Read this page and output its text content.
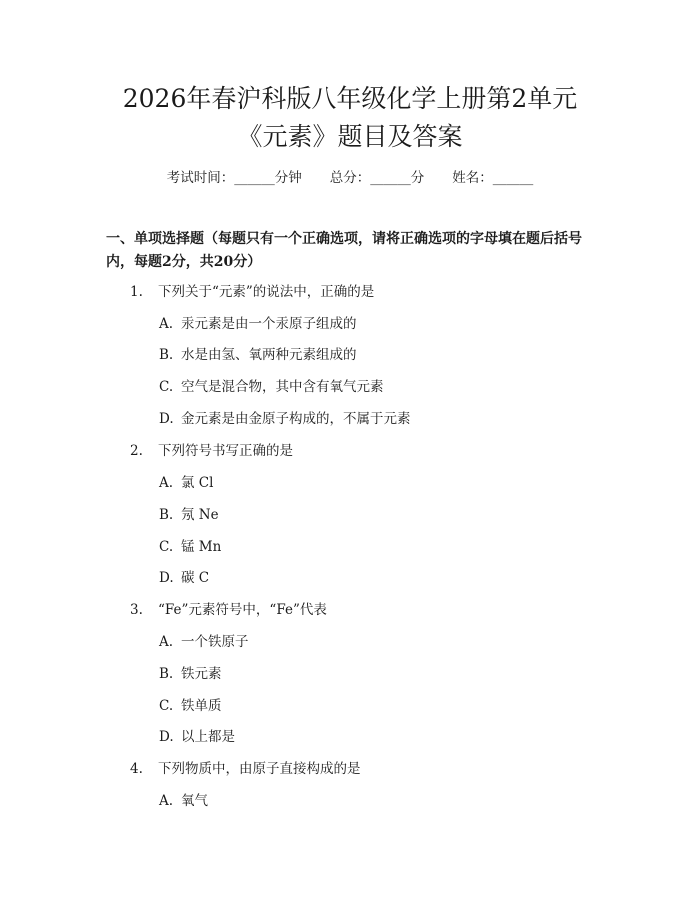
2026年春沪科版八年级化学上册第2单元
《元素》题目及答案
考试时间：______分钟 总分：______分 姓名：______
一、单项选择题（每题只有一个正确选项，请将正确选项的字母填在题后括号
内，每题2分，共20分）
1. 下列关于“元素”的说法中，正确的是
A. 汞元素是由一个汞原子组成的
B. 水是由氢、氧两种元素组成的
C. 空气是混合物，其中含有氧气元素
D. 金元素是由金原子构成的，不属于元素
2. 下列符号书写正确的是
A. 氯 Cl
B. 氖 Ne
C. 锰 Mn
D. 碳 C
3. “Fe”元素符号中，“Fe”代表
A. 一个铁原子
B. 铁元素
C. 铁单质
D. 以上都是
4. 下列物质中，由原子直接构成的是
A. 氧气
